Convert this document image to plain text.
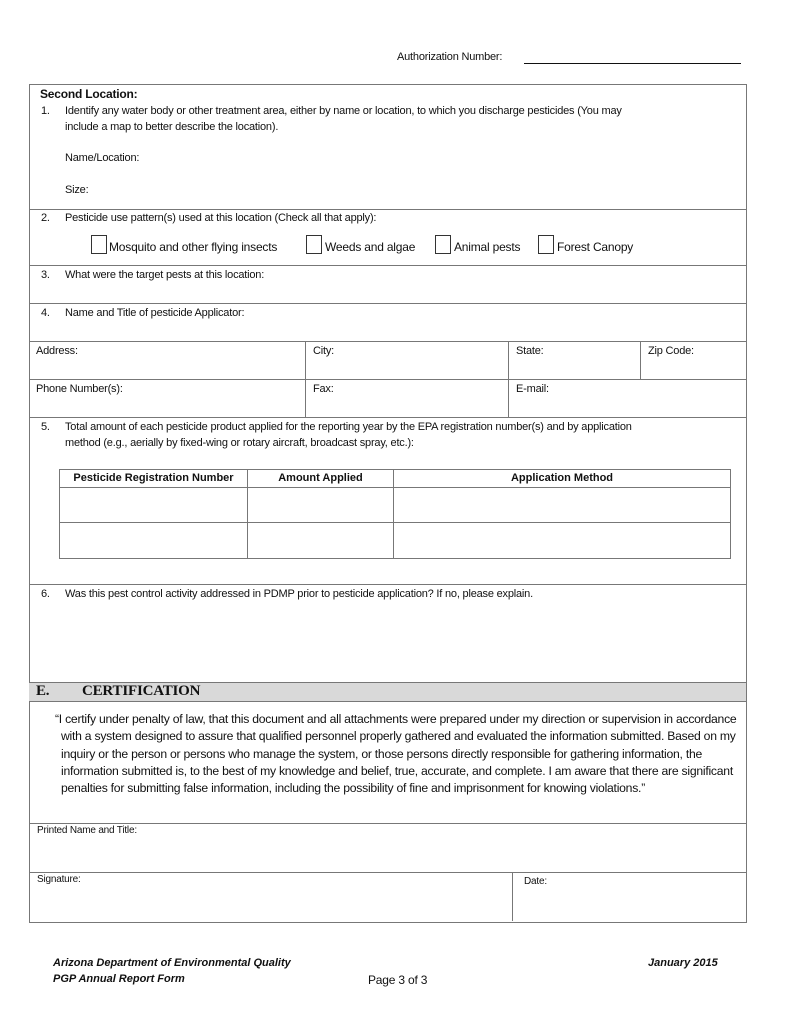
Authorization Number:
Second Location:
1. Identify any water body or other treatment area, either by name or location, to which you discharge pesticides (You may
include a map to better describe the location).
Name/Location:
Size:
2. Pesticide use pattern(s) used at this location (Check all that apply):
Mosquito and other flying insects	Weeds and algae	Animal pests	Forest Canopy
3. What were the target pests at this location:
4. Name and Title of pesticide Applicator:
Address:	City:	State:	Zip Code:
Phone Number(s):	Fax:	E-mail:
5. Total amount of each pesticide product applied for the reporting year by the EPA registration number(s) and by application
method (e.g., aerially by fixed-wing or rotary aircraft, broadcast spray, etc.):
Pesticide Registration Number	Amount Applied	Application Method
6. Was this pest control activity addressed in PDMP prior to pesticide application? If no, please explain.
E. CERTIFICATION

“I certify under penalty of law, that this document and all attachments were prepared under my direction or supervision in accordance with a system designed to assure that qualified personnel properly gathered and evaluated the information submitted. Based on my inquiry or the person or persons who manage the system, or those persons directly responsible for gathering information, the information submitted is, to the best of my knowledge and belief, true, accurate, and complete. I am aware that there are significant penalties for submitting false information, including the possibility of fine and imprisonment for knowing violations.”

Printed Name and Title:
Signature:	Date:
Arizona Department of Environmental Quality
PGP Annual Report Form	Page 3 of 3
January 2015
